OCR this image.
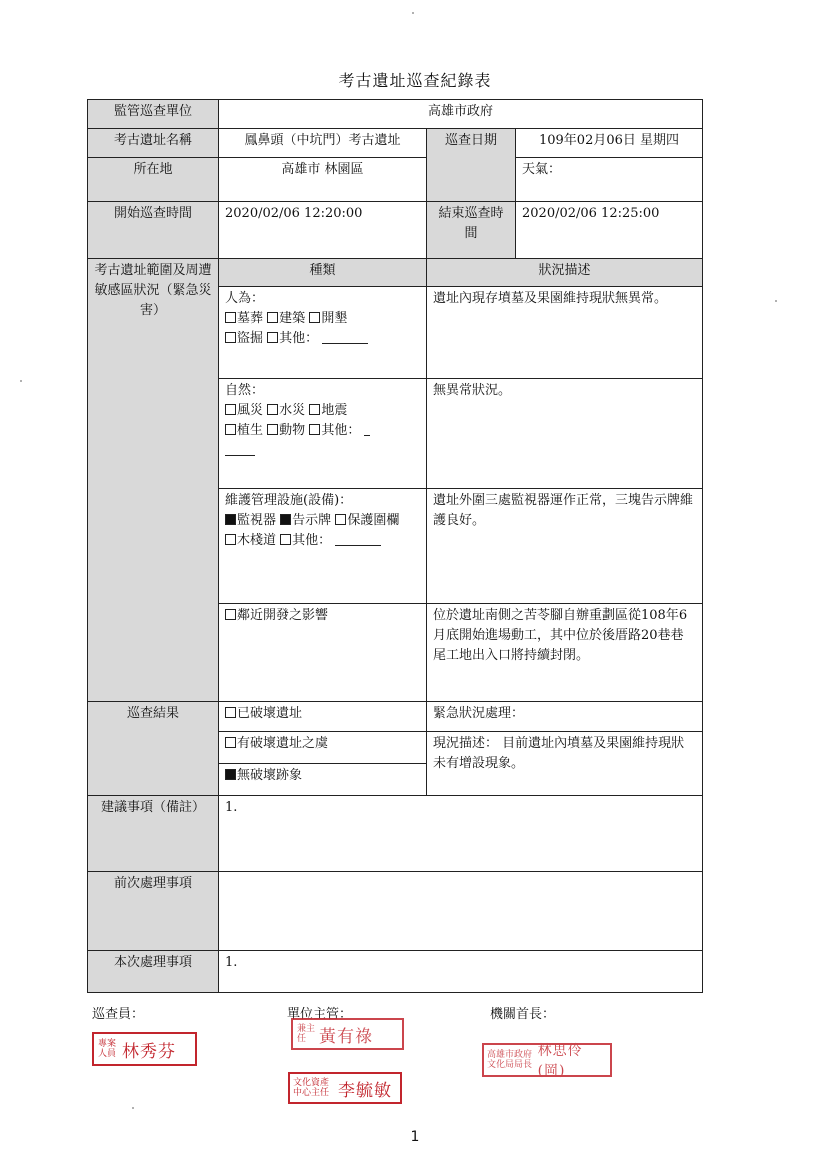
考古遺址巡查紀錄表
監管巡查單位	高雄市政府		
考古遺址名稱	鳳鼻頭（中坑門）考古遺址	巡查日期	109年02月06日 星期四
所在地	高雄市 林園區		天氣：
開始巡查時間	2020/02/06 12:20:00	結束巡查時間	2020/02/06 12:25:00
考古遺址範圍及周遭敏感區狀況（緊急災害）	種類	狀況描述	

	人為：
墓葬 建築 開墾
盜掘 其他：	遺址內現存墳墓及果園維持現狀無異常。	

	自然：
風災 水災 地震
植生 動物 其他：	無異常狀況。	

	維護管理設施(設備)：
監視器 告示牌 保護圍欄
木棧道 其他：	遺址外圍三處監視器運作正常，三塊告示牌維護良好。	
	鄰近開發之影響	位於遺址南側之苦苓腳自辦重劃區從108年6月底開始進場動工，其中位於後厝路20巷巷尾工地出入口將持續封閉。	
巡查結果	已破壞遺址	緊急狀況處理：	
	有破壞遺址之虞	現況描述： 目前遺址內墳墓及果園維持現狀未有增設現象。	
	無破壞跡象		
建議事項（備註）	1.		
前次處理事項			
本次處理事項	1.		
巡查員：	單位主管：	機關首長：
專案人員 林秀芬
兼主任 黃有祿
文化資產中心主任 李毓敏
高雄市政府文化局局長
林思伶(岡)
1
